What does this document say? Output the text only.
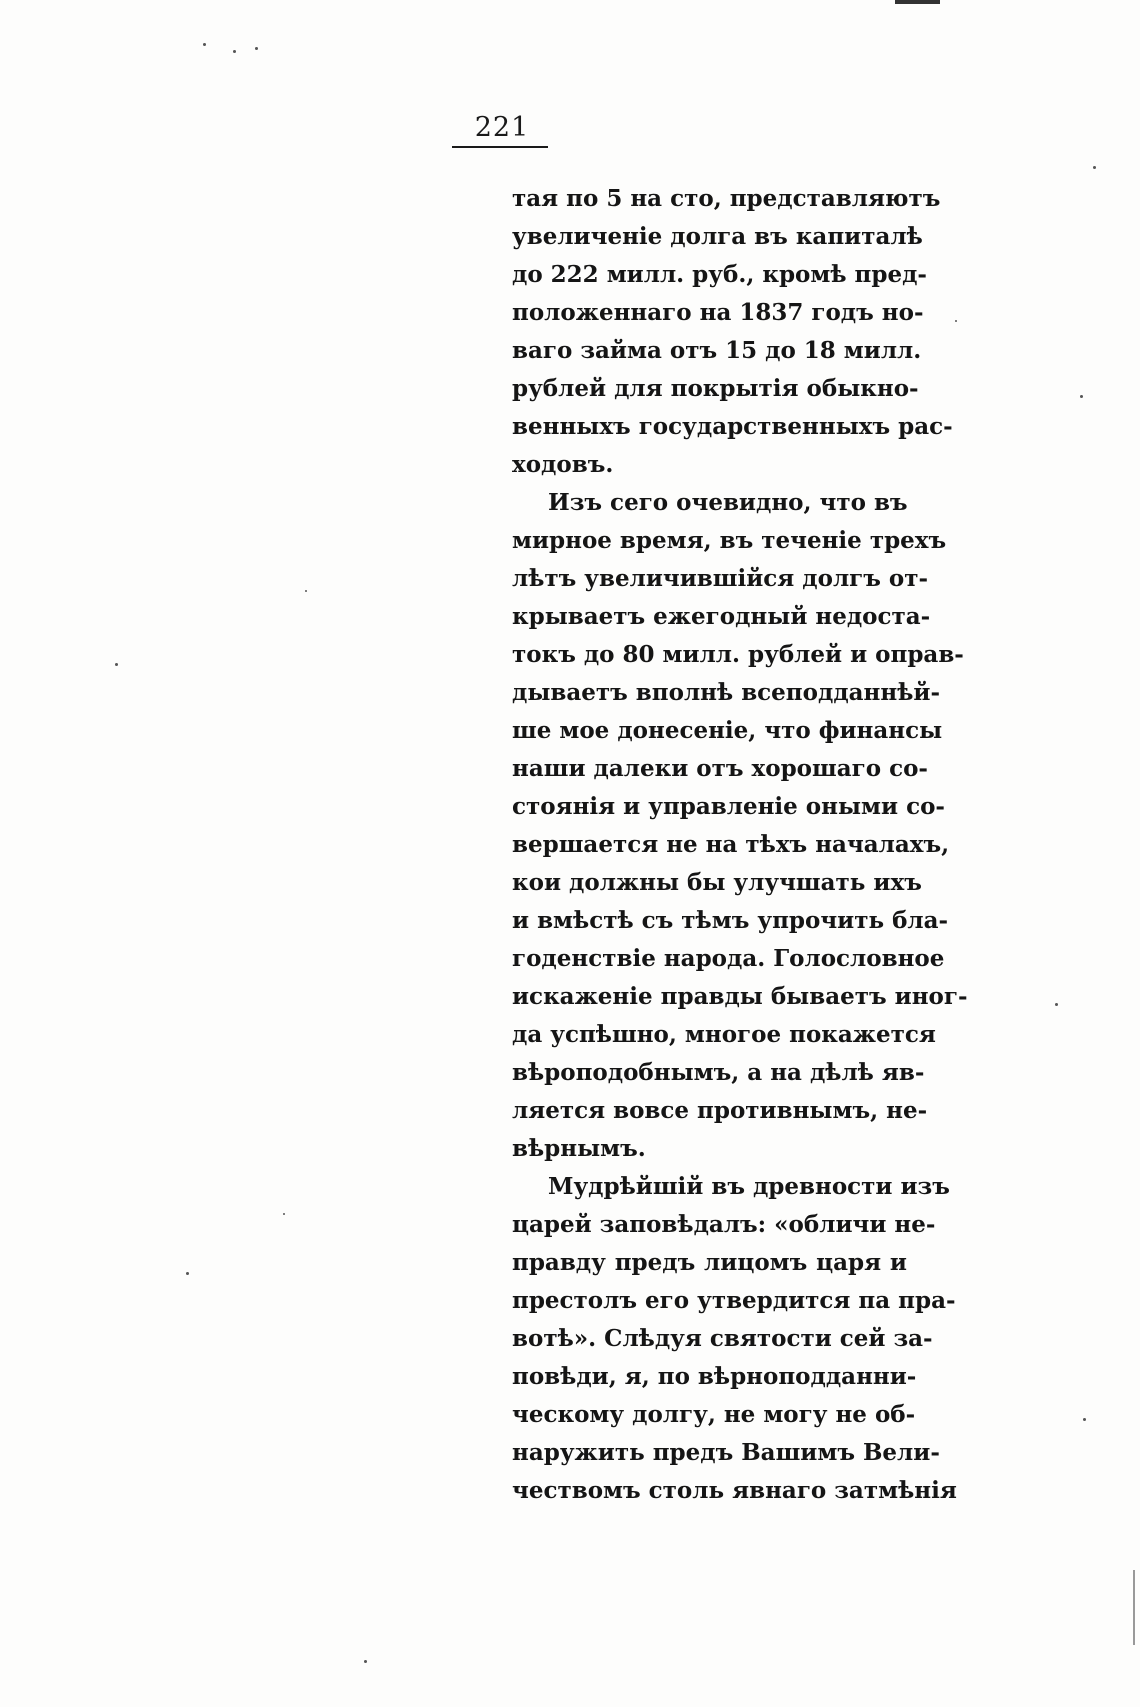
221
тая по 5 на сто, представляютъ
увеличеніе долга въ капиталѣ
до 222 милл. руб., кромѣ пред-
положеннаго на 1837 годъ но-
ваго займа отъ 15 до 18 милл.
рублей для покрытія обыкно-
венныхъ государственныхъ рас-
ходовъ.
Изъ сего очевидно, что въ
мирное время, въ теченіе трехъ
лѣтъ увеличившійся долгъ от-
крываетъ ежегодный недоста-
токъ до 80 милл. рублей и оправ-
дываетъ вполнѣ всеподданнѣй-
ше мое донесеніе, что финансы
наши далеки отъ хорошаго со-
стоянія и управленіе оными со-
вершается не на тѣхъ началахъ,
кои должны бы улучшать ихъ
и вмѣстѣ съ тѣмъ упрочить бла-
годенствіе народа. Голословное
искаженіе правды бываетъ иног-
да успѣшно, многое покажется
вѣроподобнымъ, а на дѣлѣ яв-
ляется вовсе противнымъ, не-
вѣрнымъ.
Мудрѣйшій въ древности изъ
царей заповѣдалъ: «обличи не-
правду предъ лицомъ царя и
престолъ его утвердится па пра-
вотѣ». Слѣдуя святости сей за-
повѣди, я, по вѣрноподданни-
ческому долгу, не могу не об-
наружить предъ Вашимъ Вели-
чествомъ столь явнаго затмѣнія
